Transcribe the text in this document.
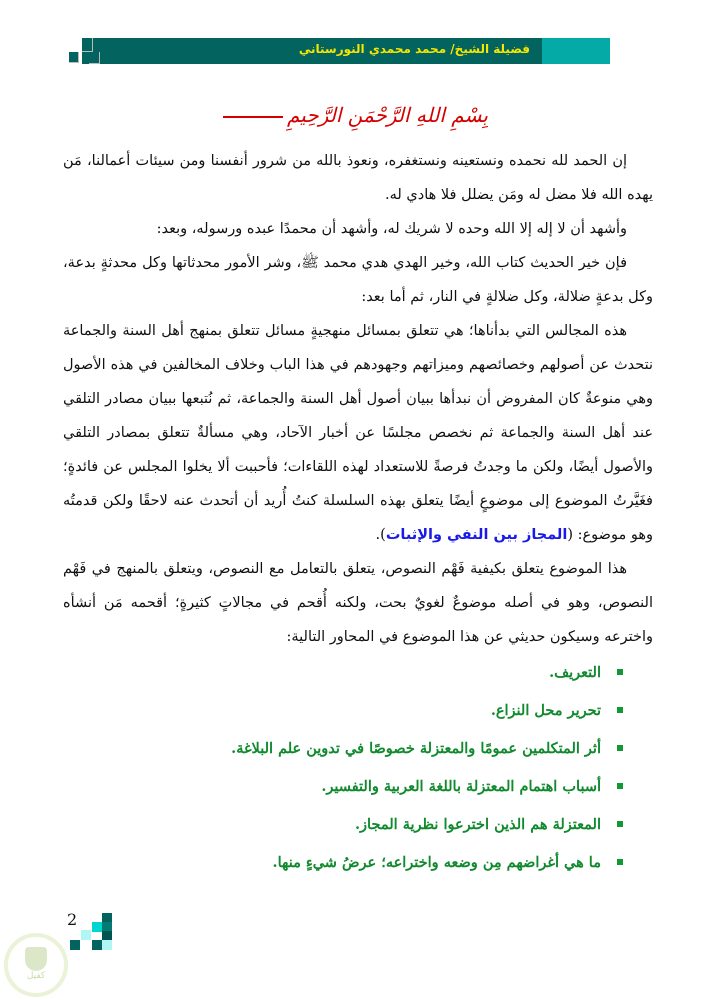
فضيلة الشيخ/ محمد محمدي النورستاني
بِسْمِ اللهِ الرَّحْمَنِ الرَّحِيمِ

إن الحمد لله نحمده ونستعينه ونستغفره، ونعوذ بالله من شرور أنفسنا ومن سيئات أعمالنا، مَن يهده الله فلا مضل له ومَن يضلل فلا هادي له.

وأشهد أن لا إله إلا الله وحده لا شريك له، وأشهد أن محمدًا عبده ورسوله، وبعد:

فإن خير الحديث كتاب الله، وخير الهدي هدي محمد ﷺ، وشر الأمور محدثاتها وكل محدثةٍ بدعة، وكل بدعةٍ ضلالة، وكل ضلالةٍ في النار، ثم أما بعد:

هذه المجالس التي بدأناها؛ هي تتعلق بمسائل منهجيةٍ مسائل تتعلق بمنهج أهل السنة والجماعة نتحدث عن أصولهم وخصائصهم وميزاتهم وجهودهم في هذا الباب وخلاف المخالفين في هذه الأصول وهي منوعةٌ كان المفروض أن نبدأها ببيان أصول أهل السنة والجماعة، ثم نُتبعها ببيان مصادر التلقي عند أهل السنة والجماعة ثم نخصص مجلسًا عن أخبار الآحاد، وهي مسألةٌ تتعلق بمصادر التلقي والأصول أيضًا، ولكن ما وجدتُ فرصةً للاستعداد لهذه اللقاءات؛ فأحببت ألا يخلوا المجلس عن فائدةٍ؛ فغَيَّرتُ الموضوع إلى موضوعٍ أيضًا يتعلق بهذه السلسلة كنتُ أُريد أن أتحدث عنه لاحقًا ولكن قدمتُه وهو موضوع: (المجاز بين النفي والإثبات).

هذا الموضوع يتعلق بكيفية فَهْم النصوص، يتعلق بالتعامل مع النصوص، ويتعلق بالمنهج في فَهْم النصوص، وهو في أصله موضوعٌ لغويٌ بحت، ولكنه أُقحم في مجالاتٍ كثيرةٍ؛ أقحمه مَن أنشأه واخترعه وسيكون حديثي عن هذا الموضوع في المحاور التالية:

التعريف.
تحرير محل النزاع.
أثر المتكلمين عمومًا والمعتزلة خصوصًا في تدوين علم البلاغة.
أسباب اهتمام المعتزلة باللغة العربية والتفسير.
المعتزلة هم الذين اخترعوا نظرية المجاز.
ما هي أغراضهم مِن وضعه واختراعه؛ عرضُ شيءٍ منها.
2
كفيل
